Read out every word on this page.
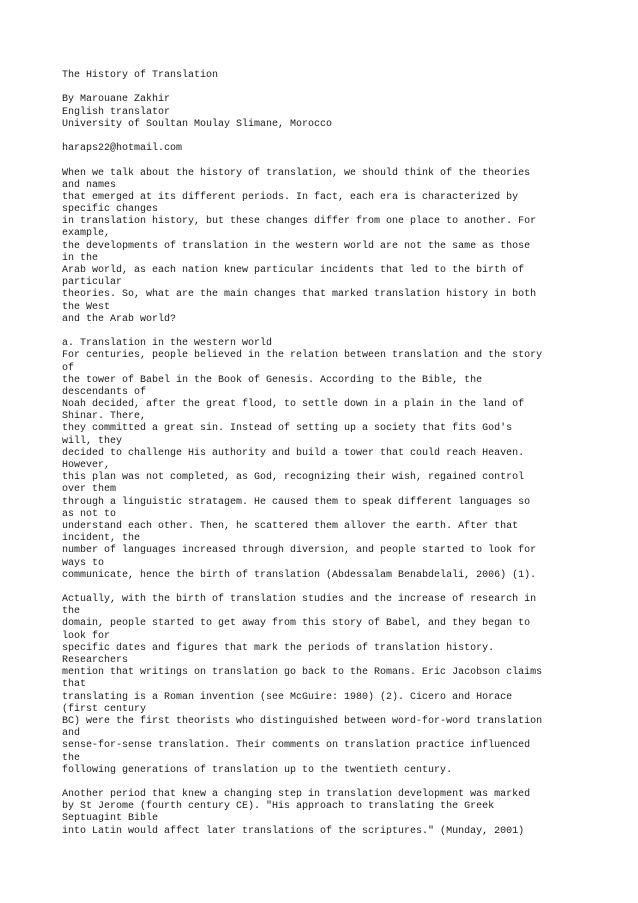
The History of Translation
By Marouane Zakhir
English translator
University of Soultan Moulay Slimane, Morocco
haraps22@hotmail.com
When we talk about the history of translation, we should think of the theories
and names
that emerged at its different periods. In fact, each era is characterized by
specific changes
in translation history, but these changes differ from one place to another. For
example,
the developments of translation in the western world are not the same as those
in the
Arab world, as each nation knew particular incidents that led to the birth of
particular
theories. So, what are the main changes that marked translation history in both
the West
and the Arab world?
a. Translation in the western world
For centuries, people believed in the relation between translation and the story
of
the tower of Babel in the Book of Genesis. According to the Bible, the
descendants of
Noah decided, after the great flood, to settle down in a plain in the land of
Shinar. There,
they committed a great sin. Instead of setting up a society that fits God's
will, they
decided to challenge His authority and build a tower that could reach Heaven.
However,
this plan was not completed, as God, recognizing their wish, regained control
over them
through a linguistic stratagem. He caused them to speak different languages so
as not to
understand each other. Then, he scattered them allover the earth. After that
incident, the
number of languages increased through diversion, and people started to look for
ways to
communicate, hence the birth of translation (Abdessalam Benabdelali, 2006) (1).
Actually, with the birth of translation studies and the increase of research in
the
domain, people started to get away from this story of Babel, and they began to
look for
specific dates and figures that mark the periods of translation history.
Researchers
mention that writings on translation go back to the Romans. Eric Jacobson claims
that
translating is a Roman invention (see McGuire: 1980) (2). Cicero and Horace
(first century
BC) were the first theorists who distinguished between word-for-word translation
and
sense-for-sense translation. Their comments on translation practice influenced
the
following generations of translation up to the twentieth century.
Another period that knew a changing step in translation development was marked
by St Jerome (fourth century CE). "His approach to translating the Greek
Septuagint Bible
into Latin would affect later translations of the scriptures." (Munday, 2001)
